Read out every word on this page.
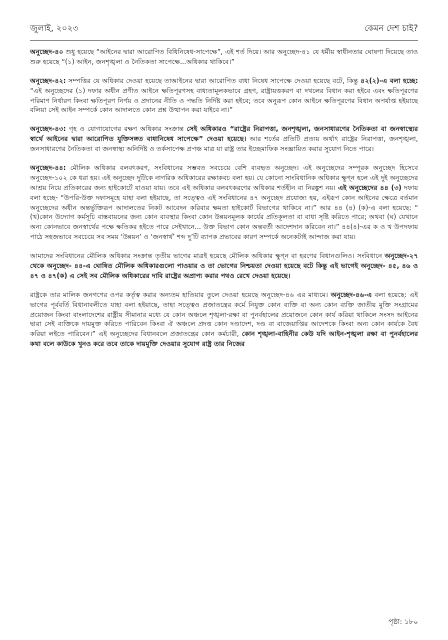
জুলাই, ২০২৩	কেমন দেশ চাই?

অনুচ্ছেদ-৪০ শুধু হয়েছে “আইনের দ্বারা আরোপিত বিধিনিষেধ-সাপেক্ষে”, এই শর্ত দিয়ে। আর অনুচ্ছেদ-৪১ যে ধর্মীয় স্বাধীনতার ঘোষণা দিয়েছে তাও শুরু হয়েছে “(১) আইন, জনশৃঙ্খলা ও নৈতিকতা সাপেক্ষে...অধিকার থাকিবে।”

অনুচ্ছেদ-৪২: সম্পত্তির যে অধিকার দেওয়া হয়েছে তাআইনের দ্বারা আরোপিত বাধা নিষেধ সাপেক্ষে দেওয়া হয়েছে বটে, কিন্তু ৪২(২)-এ বলা হচ্ছে: “এই অনুচ্ছেদের (১) দফার অধীন প্রণীত আইনে ক্ষতিপূরণসহ বাধ্যতামূলকভাবে গ্রহণ, রাষ্ট্রায়ত্তকরণ বা দখলের বিধান করা হইবে এবং ক্ষতিপূরণের পরিমাণ নির্ধারণ কিংবা ক্ষতিপূরণ নির্ণয় ও প্রদানের নীতি ও পদ্ধতি নির্দিষ্ট করা হইবে; তবে অনুরূপ কোন আইনে ক্ষতিপূরণের বিধান অপর্যাপ্ত হইয়াছে বলিয়া সেই আইন সম্পর্কে কোন আদালতে কোন প্রশ্ন উত্থাপন করা যাইবে না।”

অনুচ্ছেদ-৪৩: গৃহ ও যোগাযোগের রক্ষণ অধিকার সংক্রান্ত সেই অধিকারও “রাষ্ট্রের নিরাপত্তা, জনশৃঙ্খলা, জনসাধারণের নৈতিকতা বা জনস্বাস্থ্যের স্বার্থে আইনের দ্বারা আরোপিত যুক্তিসঙ্গত বাধানিষেধ সাপেক্ষে” দেওয়া হয়েছে। আর শর্তের প্রতিটি প্রত্যয় অর্থাৎ রাষ্ট্রের নিরাপত্তা, জনশৃঙ্খলা, জনসাধারণের নৈতিকতা বা জনস্বাস্থ্য অনির্দিষ্ট ও তর্কসাপেক্ষ প্রপঞ্চ মাত্র যা রাষ্ট্র তার ইচ্ছেমাফিক সংজ্ঞায়িত করার সুযোগ নিতে পারে।

অনুচ্ছেদ-৪৪: মৌলিক অধিকার বলবৎকরণ, সংবিধানের সম্ভবত সবচেয়ে বেশি ব্যবহৃত অনুচ্ছেদ। এই অনুচ্ছেদের সম্পূরক অনুচ্ছেদ হিসেবে অনুচ্ছেদ-১০২ কে ধরা হয়। এই অনুচ্ছেদ দুটিকে নাগরিক অধিকারের রক্ষাকবচ বলা হয়। যে কোনো সাংবিধানিক অধিকার ক্ষুণ্ন হলে এই দুই অনুচ্ছেদের আশ্রয় নিয়ে প্রতিকারের জন্য হাইকোর্টে যাওয়া যায়। তবে এই অধিকার বলবৎকরণের অধিকার শর্তহীন বা নিরঙ্কুশ নয়। এই অনুচ্ছেদের ৪৪ (৩) দফায় বলা হচ্ছে- “উপরি-উক্ত দফাসমূহে যাহা বলা হইয়াছে, তা সত্ত্বেও এই সংবিধানের ৪৭ অনুচ্ছেদ প্রযোজ্য হয়, এইরূপ কোন আইনের ক্ষেত্রে বর্তমান অনুচ্ছেদের অধীন অন্তর্ভুক্তিরূপ আদালতের নিকট আবেদন করিবার ক্ষমতা হাইকোর্ট বিভাগের থাকিবে না।” আর ৪৪ (৪) (ক)-এ বলা হয়েছে: “ (খ)কোন উদ্যোগ কর্মসূচি বাস্তবায়নের জন্য কোন ব্যবস্থার কিংবা কোন উন্নয়নমূলক কার্যের প্রতিকূলতা বা বাধা সৃষ্টি করিতে পারে; অথবা (ঘ) যেখানে অন্য কোনভাবে জনস্বার্থের পক্ষে ক্ষতিকর হইতে পারে সেইখানে... উক্ত বিভাগ কোন অন্তবর্তী আদেশদান করিবেন না।” ৪৪(৪)-এর ক ও খ উপদফায় পাঠে সহজভাবে সবচেয়ে সব সময় ‘উন্নয়ন’ ও ‘জনস্বার্থ’ শব্দ দু’টি ব্যাপক প্রভাবের কারণ সম্পর্কে অনেকটাই আন্দাজ করা যায়।

আমাদের সংবিধানের মৌলিক অধিকার সংক্রান্ত তৃতীয় ভাগের মাত্রই হয়েছে মৌলিক অধিকার ক্ষুণ্ন বা হরণের বিধানগুলিও। সংবিধানে অনুচ্ছেদ-২৭ থেকে অনুচ্ছেদ- ৪৪-এ ঘোষিত মৌলিক অধিকারগুলো পাওয়ার ও তা ভোগের নিশ্চয়তা দেওয়া হয়েছে বটে কিন্তু এই ভাগেই অনুচ্ছেদ- ৪৫, ৪৬ ও ৪৭ ও ৪৭(ক) এ সেই সব মৌলিক অধিকারের দাবি রাষ্ট্রের অপ্রাপ্য করার পথও রেখে দেওয়া হয়েছে।

রাষ্ট্রকে তার মালিক জনগণের ওপর কর্তৃত্ব করার অন্যতম হাতিয়ার তুলে দেওয়া হয়েছে অনুচ্ছেদ-৪৬ এর মাধ্যমে। অনুচ্ছেদ-৪৬-এ বলা হয়েছে: এই ভাগের পূর্ববর্তি বিধানাবলীতে যাহা বলা হইয়াছে, তাহা সত্ত্বেও প্রজাতন্ত্রের কর্মে নিযুক্ত কোন ব্যক্তি বা অন্য কোন ব্যক্তি জাতীয় মুক্তি সংগ্রামের প্রয়োজন কিংবা বাংলাদেশের রাষ্ট্রীয় সীমানার মধ্যে যে কোন অঞ্চলে শৃঙ্খলা-রক্ষা বা পুনর্বহালের প্রয়োজনে কোন কার্য করিয়া থাকিলে সংসদ আইনের দ্বারা সেই ব্যক্তিকে দায়মুক্ত করিতে পারিবেন কিংবা ঐ অঞ্চলে প্রদত্ত কোন দণ্ডাদেশ, দণ্ড বা বাজেয়াপ্তির আদেশকে কিংবা অন্য কোন কার্যকে বৈধ করিয়া লইতে পারিবেন।” এই অনুচ্ছেদের বিধানবলে প্রজাতন্ত্রের কোন কর্মচারী, কোন শৃঙ্খলা-বাহিনীর কেউ যদি আইন-শৃঙ্খলা রক্ষা বা পুনর্বহালের কথা বলে কাউকে খুনও করে তবে তাকে দায়মুক্তি দেওয়ার সুযোগ রাষ্ট্র তার নিজের

পৃষ্ঠা: ১৮০
